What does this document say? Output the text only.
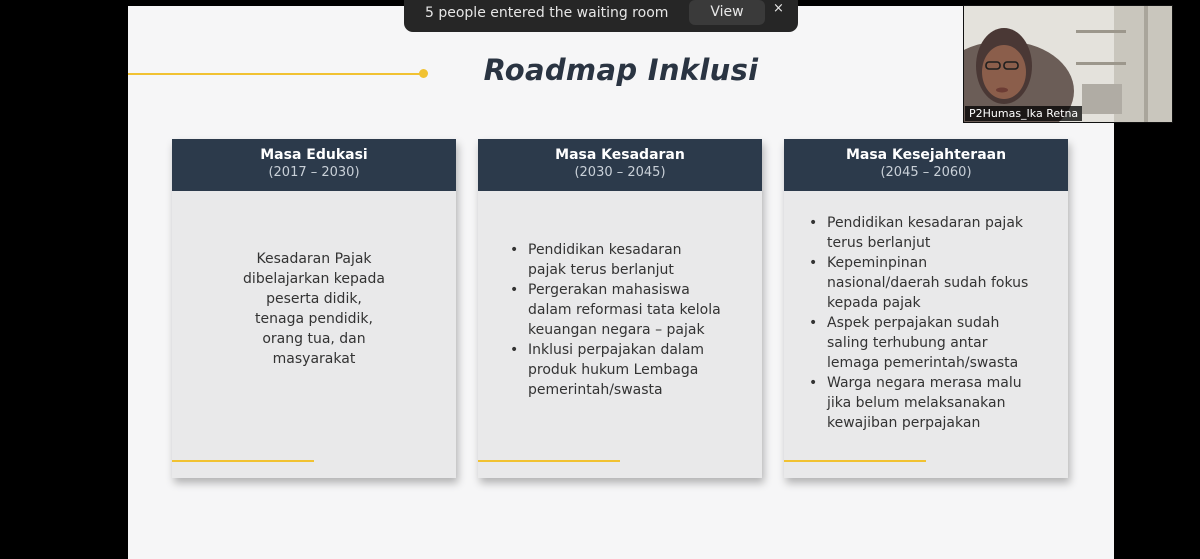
Roadmap Inklusi
Masa Edukasi
(2017 – 2030)
Kesadaran Pajak
dibelajarkan kepada
peserta didik,
tenaga pendidik,
orang tua, dan
masyarakat
Masa Kesadaran
(2030 – 2045)
• Pendidikan kesadaran
pajak terus berlanjut
• Pergerakan mahasiswa
dalam reformasi tata kelola
keuangan negara – pajak
• Inklusi perpajakan dalam
produk hukum Lembaga
pemerintah/swasta
Masa Kesejahteraan
(2045 – 2060)
• Pendidikan kesadaran pajak
terus berlanjut
• Kepeminpinan
nasional/daerah sudah fokus
kepada pajak
• Aspek perpajakan sudah
saling terhubung antar
lemaga pemerintah/swasta
• Warga negara merasa malu
jika belum melaksanakan
kewajiban perpajakan
5 people entered the waiting room	View	×
P2Humas_Ika Retna
